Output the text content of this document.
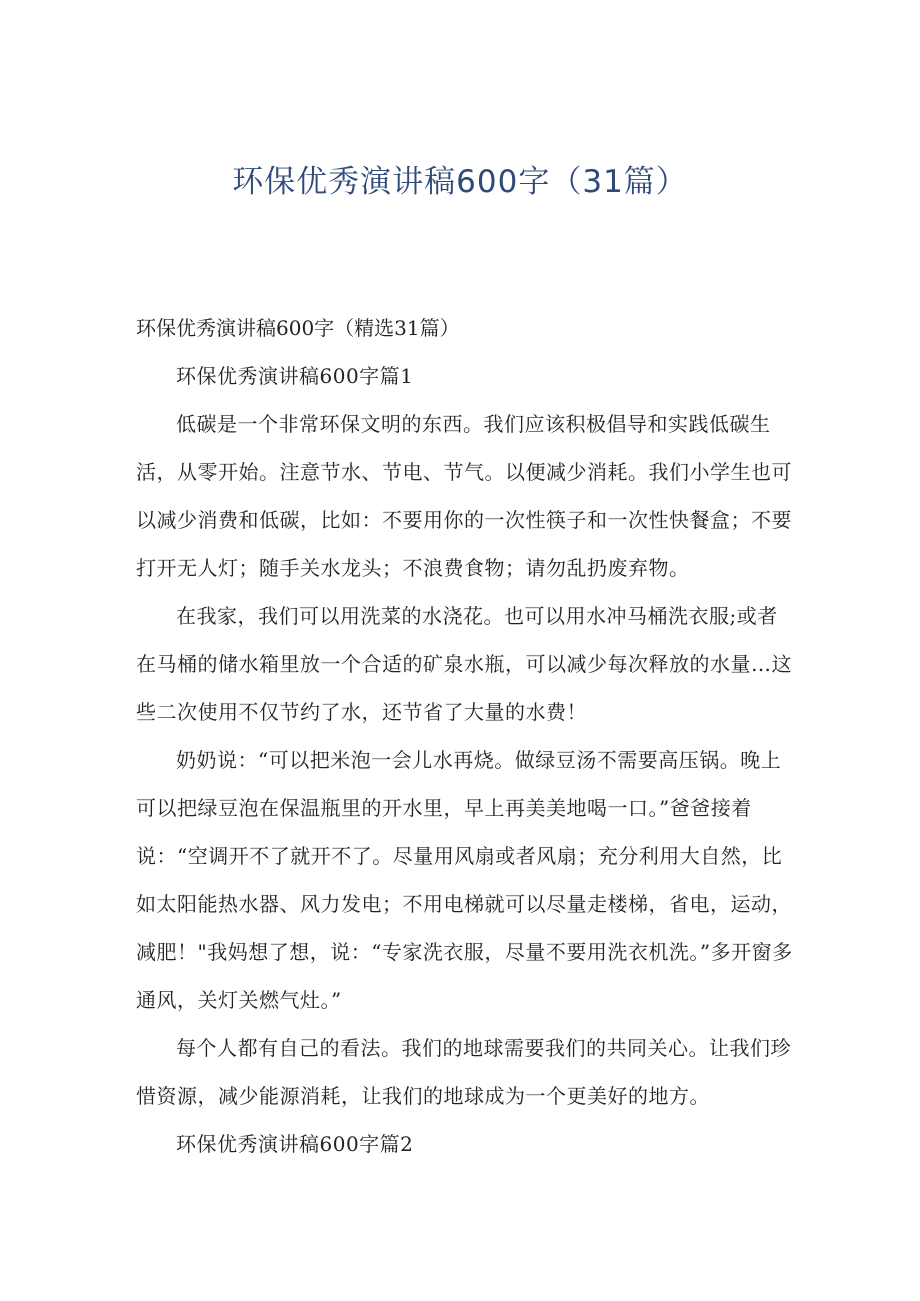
环保优秀演讲稿600字（31篇）

环保优秀演讲稿600字（精选31篇）

环保优秀演讲稿600字篇1

低碳是一个非常环保文明的东西。我们应该积极倡导和实践低碳生活，从零开始。注意节水、节电、节气。以便减少消耗。我们小学生也可以减少消费和低碳，比如：不要用你的一次性筷子和一次性快餐盒；不要打开无人灯；随手关水龙头；不浪费食物；请勿乱扔废弃物。

在我家，我们可以用洗菜的水浇花。也可以用水冲马桶洗衣服;或者在马桶的储水箱里放一个合适的矿泉水瓶，可以减少每次释放的水量…这些二次使用不仅节约了水，还节省了大量的水费！

奶奶说：“可以把米泡一会儿水再烧。做绿豆汤不需要高压锅。晚上可以把绿豆泡在保温瓶里的开水里，早上再美美地喝一口。”爸爸接着说：“空调开不了就开不了。尽量用风扇或者风扇；充分利用大自然，比如太阳能热水器、风力发电；不用电梯就可以尽量走楼梯，省电，运动，减肥！"我妈想了想，说：“专家洗衣服，尽量不要用洗衣机洗。”多开窗多通风，关灯关燃气灶。”

每个人都有自己的看法。我们的地球需要我们的共同关心。让我们珍惜资源，减少能源消耗，让我们的地球成为一个更美好的地方。

环保优秀演讲稿600字篇2
